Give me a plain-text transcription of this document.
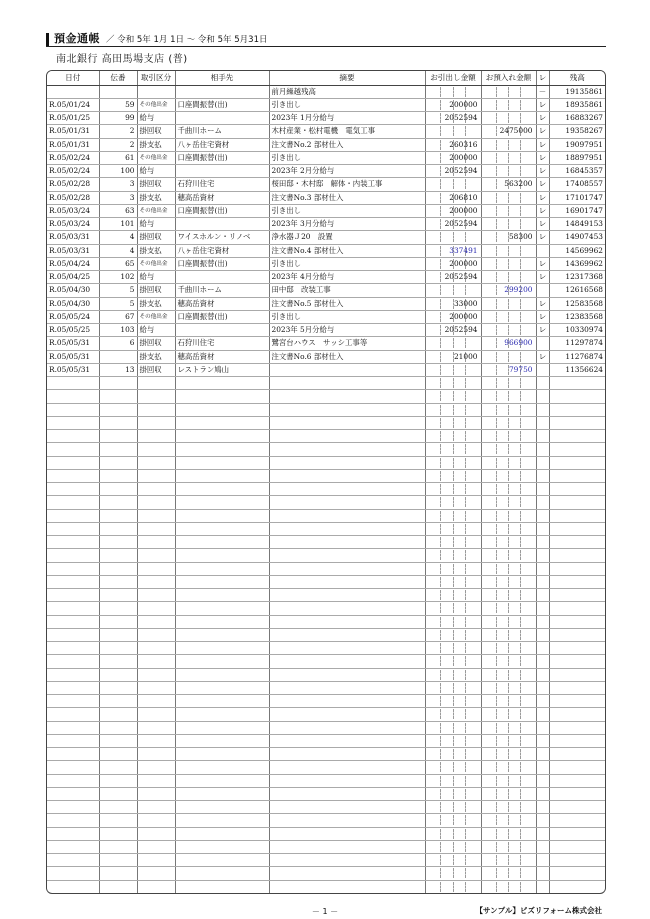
預金通帳 ／ 令和 5年 1月 1日 ～ 令和 5年 5月31日
南北銀行 高田馬場支店 (普)
日付	伝番	取引区分	相手先	摘要	お引出し金額	お預入れ金額	レ	残高
				前月繰越残高			－	19135861
R.05/01/24	59	その他出金	口座間振替(出)	引き出し	200000		レ	18935861
R.05/01/25	99	給与		2023年 1月分給与	2052594		レ	16883267
R.05/01/31	2	掛回収	千曲川ホーム	木村産業・松村電機　電気工事		2475000	レ	19358267
R.05/01/31	2	掛支払	八ヶ岳住宅資材	注文書No.2 部材仕入	260316		レ	19097951
R.05/02/24	61	その他出金	口座間振替(出)	引き出し	200000		レ	18897951
R.05/02/24	100	給与		2023年 2月分給与	2052594		レ	16845357
R.05/02/28	3	掛回収	石狩川住宅	桜田邸・木村邸　解体・内装工事		563200	レ	17408557
R.05/02/28	3	掛支払	穂高岳資材	注文書No.3 部材仕入	206810		レ	17101747
R.05/03/24	63	その他出金	口座間振替(出)	引き出し	200000		レ	16901747
R.05/03/24	101	給与		2023年 3月分給与	2052594		レ	14849153
R.05/03/31	4	掛回収	ワイスホルン・リノベ	浄水器Ｊ20　設置		58300	レ	14907453
R.05/03/31	4	掛支払	八ヶ岳住宅資材	注文書No.4 部材仕入	337491			14569962
R.05/04/24	65	その他出金	口座間振替(出)	引き出し	200000		レ	14369962
R.05/04/25	102	給与		2023年 4月分給与	2052594		レ	12317368
R.05/04/30	5	掛回収	千曲川ホーム	田中邸　改装工事		299200		12616568
R.05/04/30	5	掛支払	穂高岳資材	注文書No.5 部材仕入	33000		レ	12583568
R.05/05/24	67	その他出金	口座間振替(出)	引き出し	200000		レ	12383568
R.05/05/25	103	給与		2023年 5月分給与	2052594		レ	10330974
R.05/05/31	6	掛回収	石狩川住宅	鷺宮台ハウス　サッシ工事等		966900		11297874
R.05/05/31		掛支払	穂高岳資材	注文書No.6 部材仕入	21000		レ	11276874
R.05/05/31	13	掛回収	レストラン鳩山			79750		11356624

－ 1 －	【サンプル】ビズリフォーム株式会社
